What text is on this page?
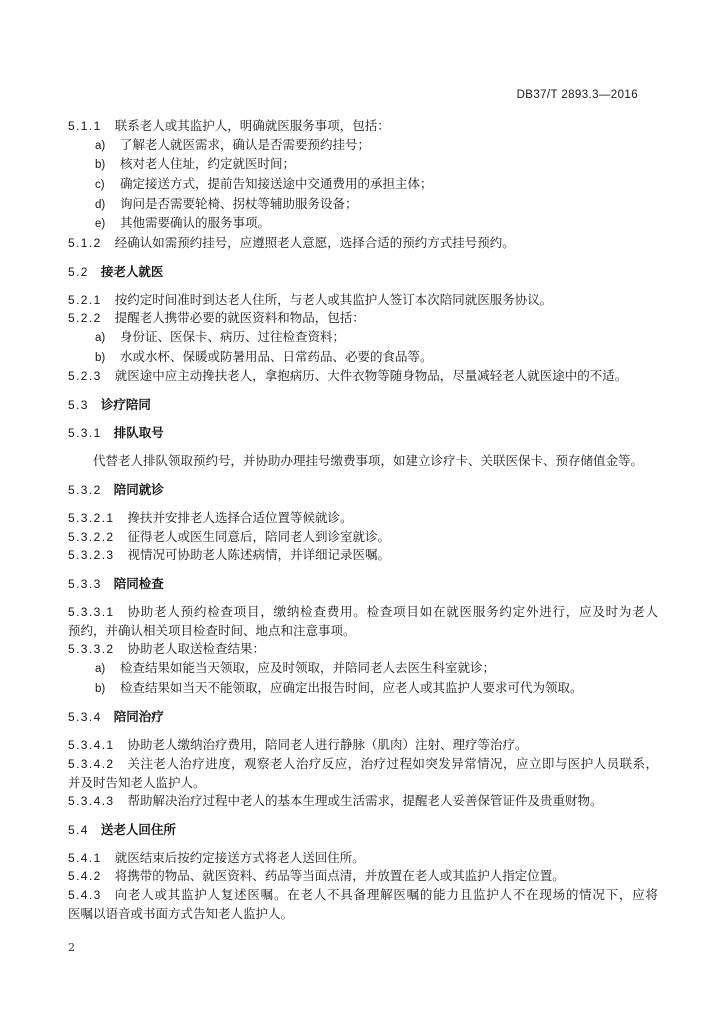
DB37/T 2893.3—2016
5.1.1 联系老人或其监护人，明确就医服务事项，包括：
a)	了解老人就医需求，确认是否需要预约挂号；
b)	核对老人住址，约定就医时间；
c)	确定接送方式，提前告知接送途中交通费用的承担主体；
d)	询问是否需要轮椅、拐杖等辅助服务设备；
e)	其他需要确认的服务事项。
5.1.2 经确认如需预约挂号，应遵照老人意愿，选择合适的预约方式挂号预约。
5.2 接老人就医
5.2.1 按约定时间准时到达老人住所，与老人或其监护人签订本次陪同就医服务协议。
5.2.2 提醒老人携带必要的就医资料和物品，包括：
a)	身份证、医保卡、病历、过往检查资料；
b)	水或水杯、保暖或防暑用品、日常药品、必要的食品等。
5.2.3 就医途中应主动搀扶老人，拿抱病历、大件衣物等随身物品，尽量减轻老人就医途中的不适。
5.3 诊疗陪同
5.3.1 排队取号
代替老人排队领取预约号，并协助办理挂号缴费事项，如建立诊疗卡、关联医保卡、预存储值金等。
5.3.2 陪同就诊
5.3.2.1 搀扶并安排老人选择合适位置等候就诊。
5.3.2.2 征得老人或医生同意后，陪同老人到诊室就诊。
5.3.2.3 视情况可协助老人陈述病情，并详细记录医嘱。
5.3.3 陪同检查
5.3.3.1 协助老人预约检查项目，缴纳检查费用。检查项目如在就医服务约定外进行，应及时为老人
预约，并确认相关项目检查时间、地点和注意事项。
5.3.3.2 协助老人取送检查结果：
a)	检查结果如能当天领取，应及时领取，并陪同老人去医生科室就诊；
b)	检查结果如当天不能领取，应确定出报告时间，应老人或其监护人要求可代为领取。
5.3.4 陪同治疗
5.3.4.1 协助老人缴纳治疗费用，陪同老人进行静脉（肌肉）注射、理疗等治疗。
5.3.4.2 关注老人治疗进度，观察老人治疗反应，治疗过程如突发异常情况，应立即与医护人员联系，
并及时告知老人监护人。
5.3.4.3 帮助解决治疗过程中老人的基本生理或生活需求，提醒老人妥善保管证件及贵重财物。
5.4 送老人回住所
5.4.1 就医结束后按约定接送方式将老人送回住所。
5.4.2 将携带的物品、就医资料、药品等当面点清，并放置在老人或其监护人指定位置。
5.4.3 向老人或其监护人复述医嘱。在老人不具备理解医嘱的能力且监护人不在现场的情况下，应将
医嘱以语音或书面方式告知老人监护人。
2
